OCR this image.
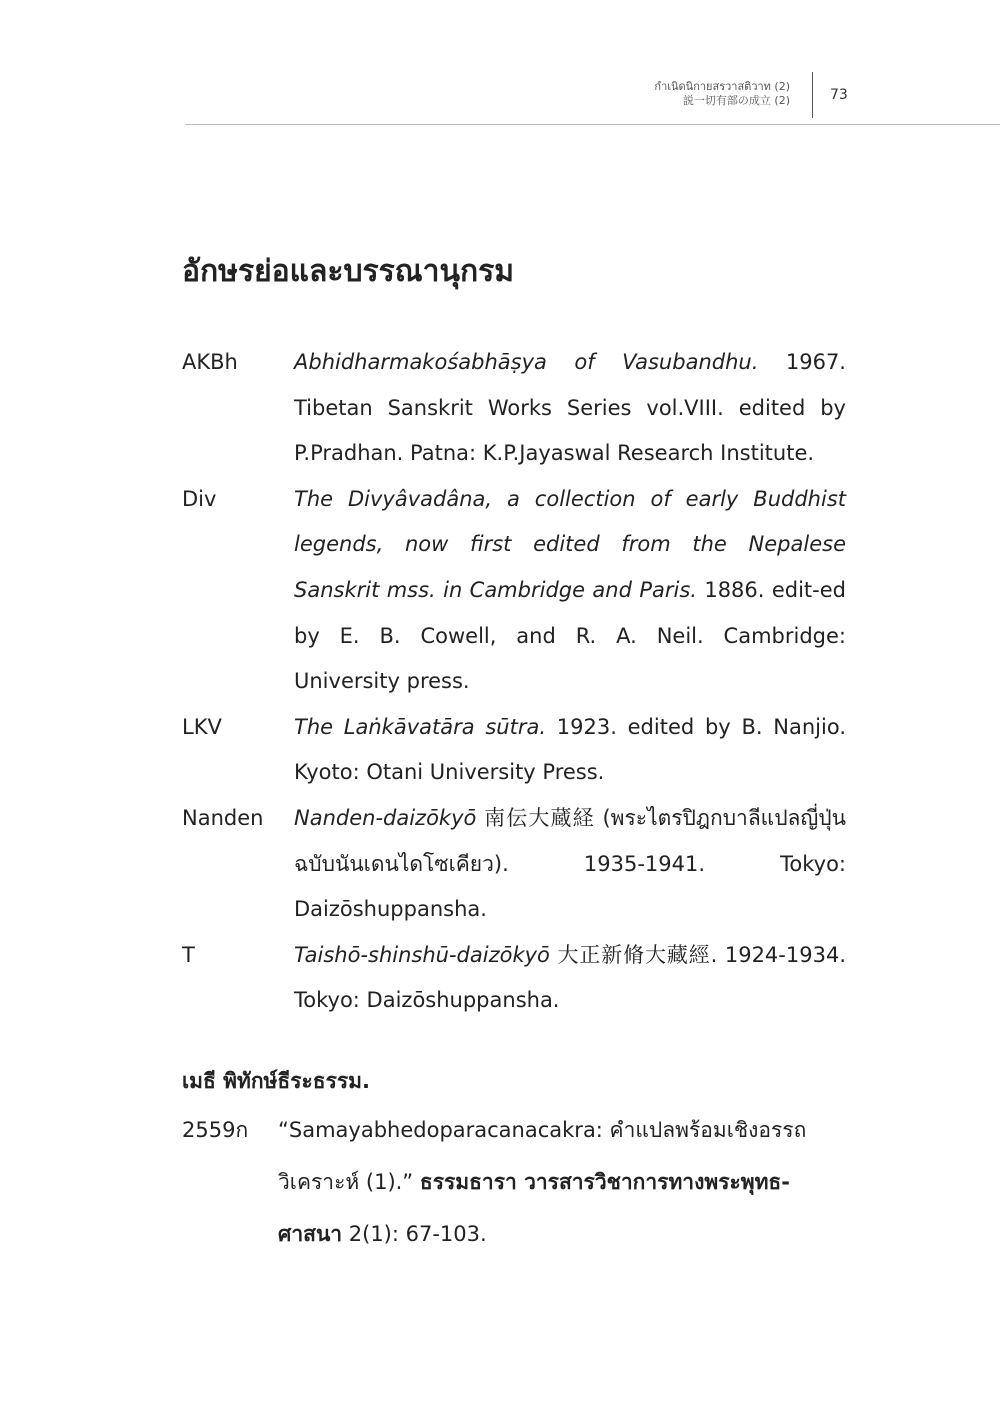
กำเนิดนิกายสรวาสติวาท (2)
説一切有部の成立 (2)	73
อักษรย่อและบรรณานุกรม
AKBh	Abhidharmakośabhāṣya of Vasubandhu. 1967. Tibetan Sanskrit Works Series vol.VIII. edited by P.Pradhan. Patna: K.P.Jayaswal Research Institute.
Div	The Divyâvadâna, a collection of early Buddhist legends, now first edited from the Nepalese Sanskrit mss. in Cambridge and Paris. 1886. edit-ed by E. B. Cowell, and R. A. Neil. Cambridge: University press.
LKV	The Laṅkāvatāra sūtra. 1923. edited by B. Nanjio. Kyoto: Otani University Press.
Nanden	Nanden-daizōkyō 南伝大蔵経 (พระไตรปิฎกบาลีแปลญี่ปุ่น ฉบับนันเดนไดโซเคียว). 1935-1941. Tokyo: Daizōshuppansha.
T	Taishō-shinshū-daizōkyō 大正新脩大藏經. 1924-1934. Tokyo: Daizōshuppansha.
เมธี พิทักษ์ธีระธรรม.
2559ก	“Samayabhedoparacanacakra: คำแปลพร้อมเชิงอรรถวิเคราะห์ (1).” ธรรมธารา วารสารวิชาการทางพระพุทธ-ศาสนา 2(1): 67-103.
